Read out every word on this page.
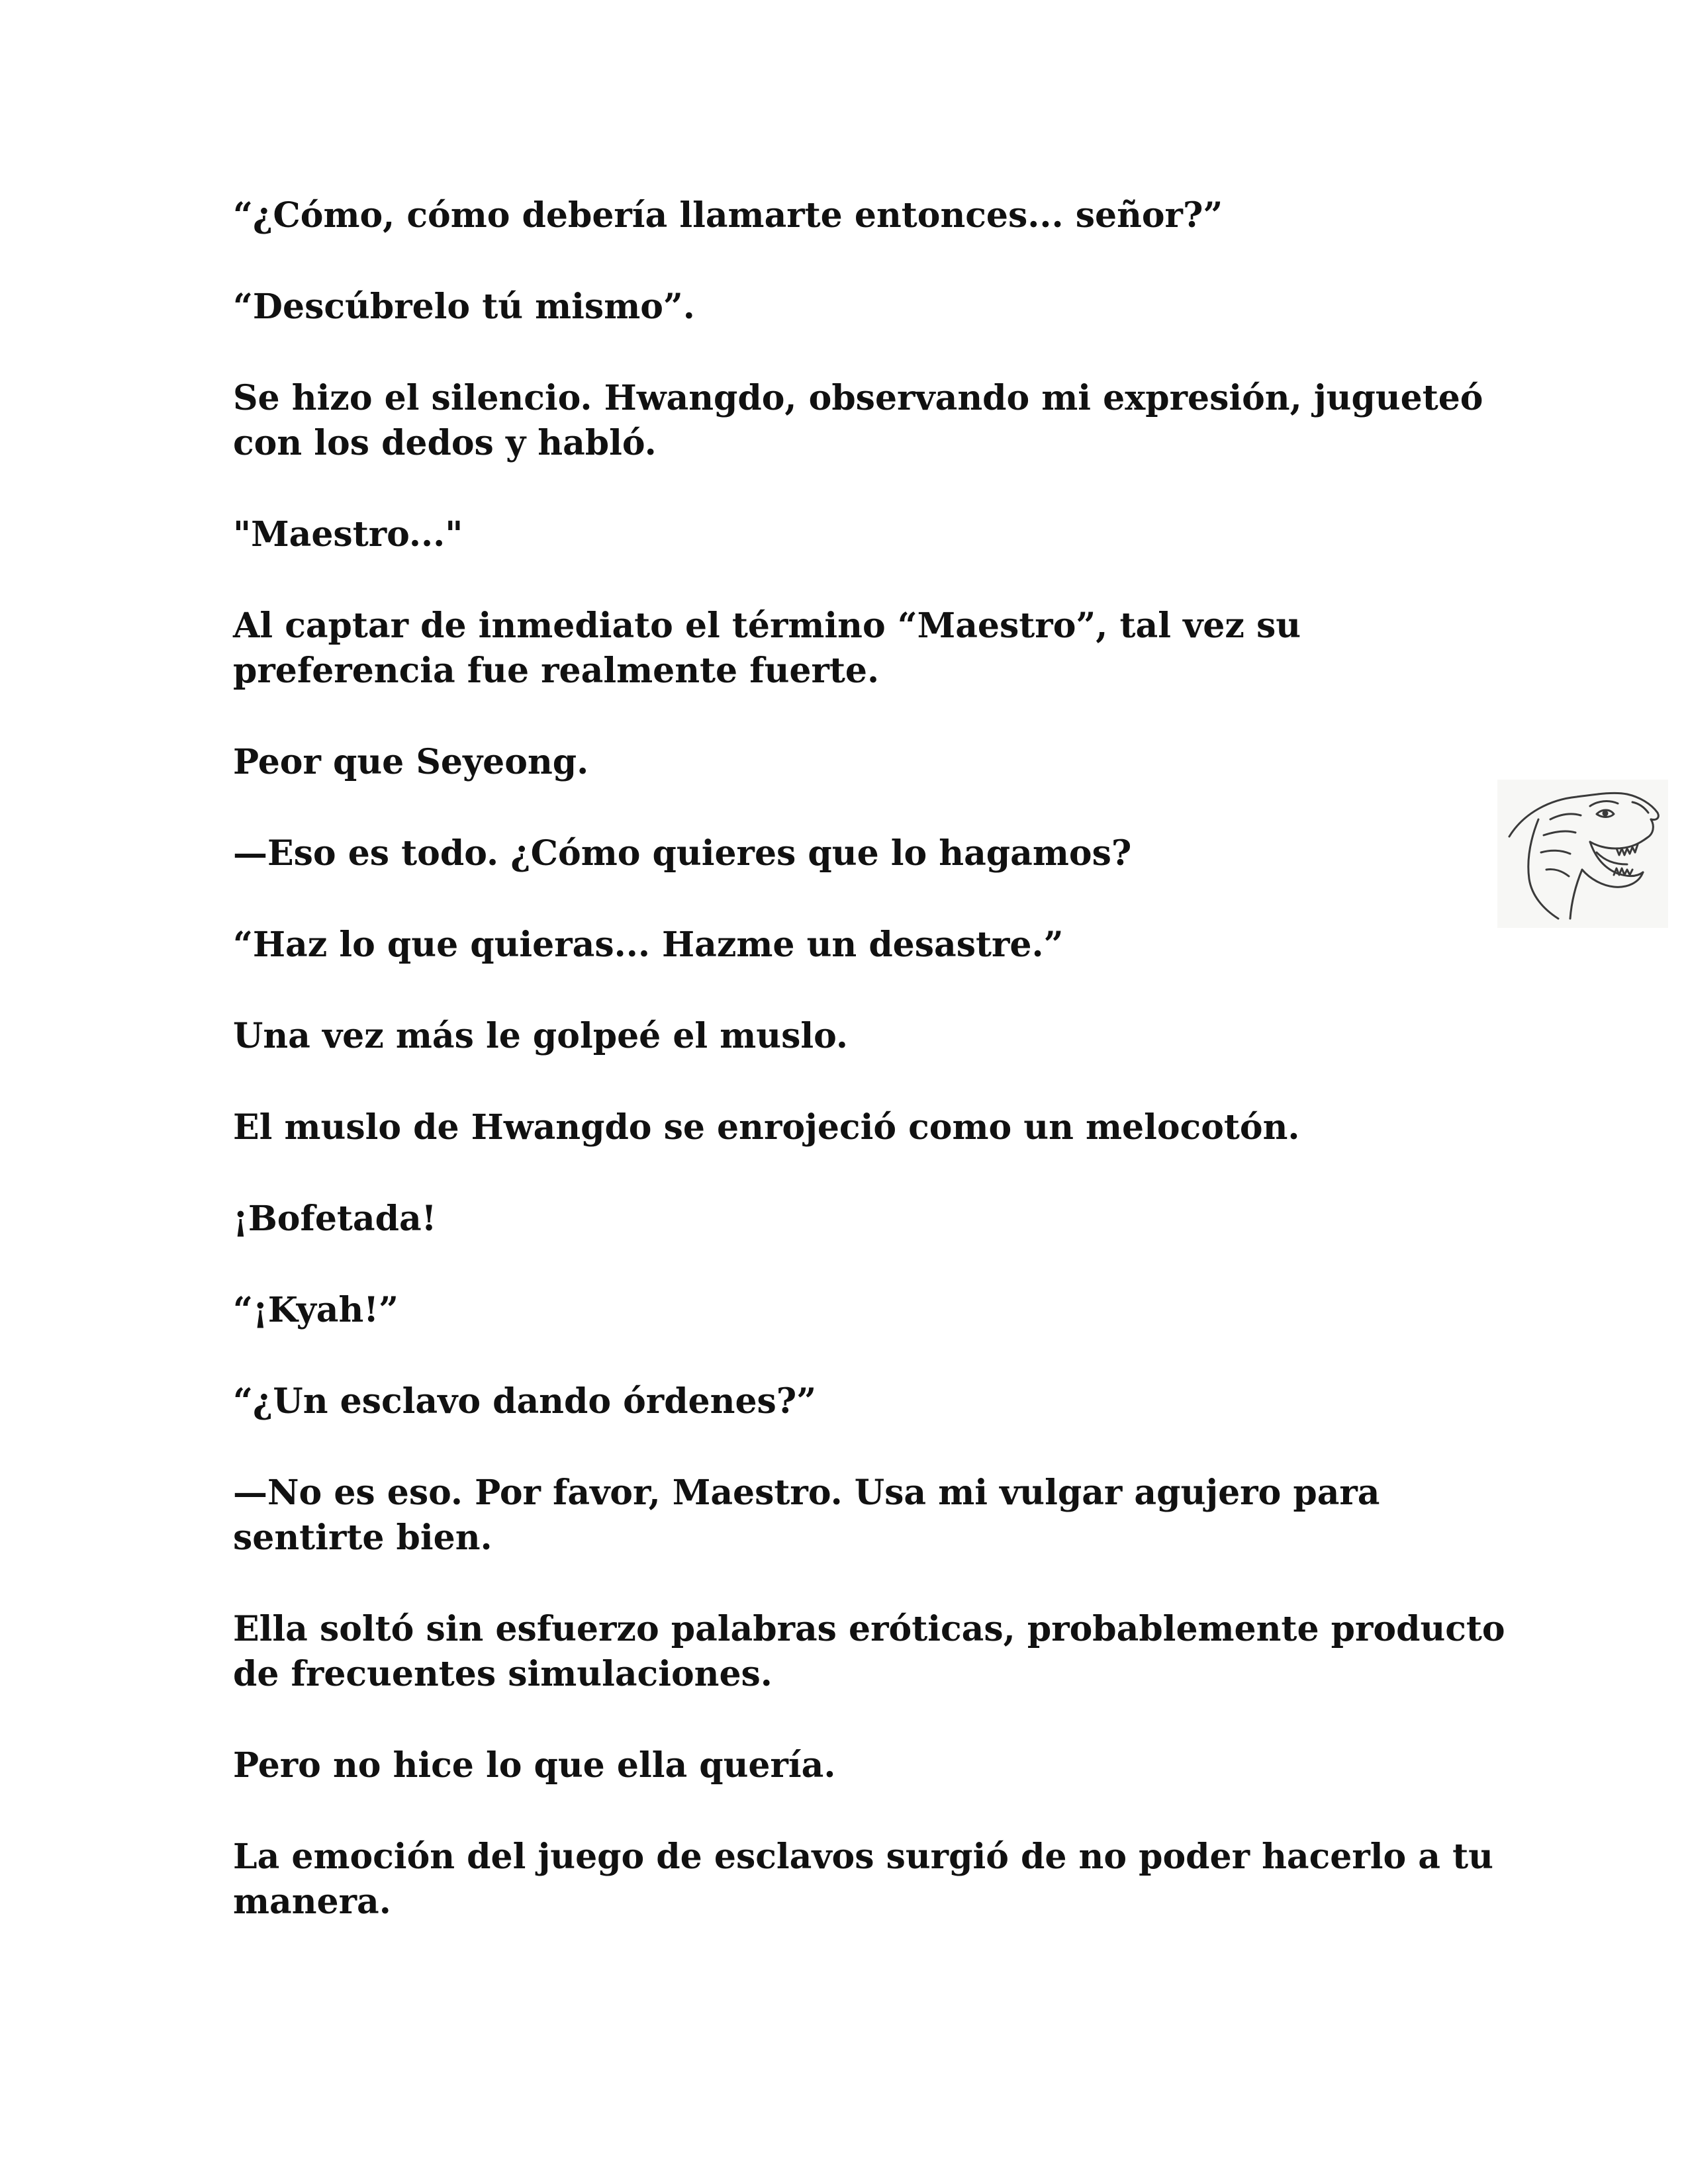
“¿Cómo, cómo debería llamarte entonces... señor?”

“Descúbrelo tú mismo”.

Se hizo el silencio. Hwangdo, observando mi expresión, jugueteó con los dedos y habló.

"Maestro..."

Al captar de inmediato el término “Maestro”, tal vez su preferencia fue realmente fuerte.

Peor que Seyeong.

—Eso es todo. ¿Cómo quieres que lo hagamos?

“Haz lo que quieras... Hazme un desastre.”

Una vez más le golpeé el muslo.

El muslo de Hwangdo se enrojeció como un melocotón.

¡Bofetada!

“¡Kyah!”

“¿Un esclavo dando órdenes?”

—No es eso. Por favor, Maestro. Usa mi vulgar agujero para sentirte bien.

Ella soltó sin esfuerzo palabras eróticas, probablemente producto de frecuentes simulaciones.

Pero no hice lo que ella quería.

La emoción del juego de esclavos surgió de no poder hacerlo a tu manera.
